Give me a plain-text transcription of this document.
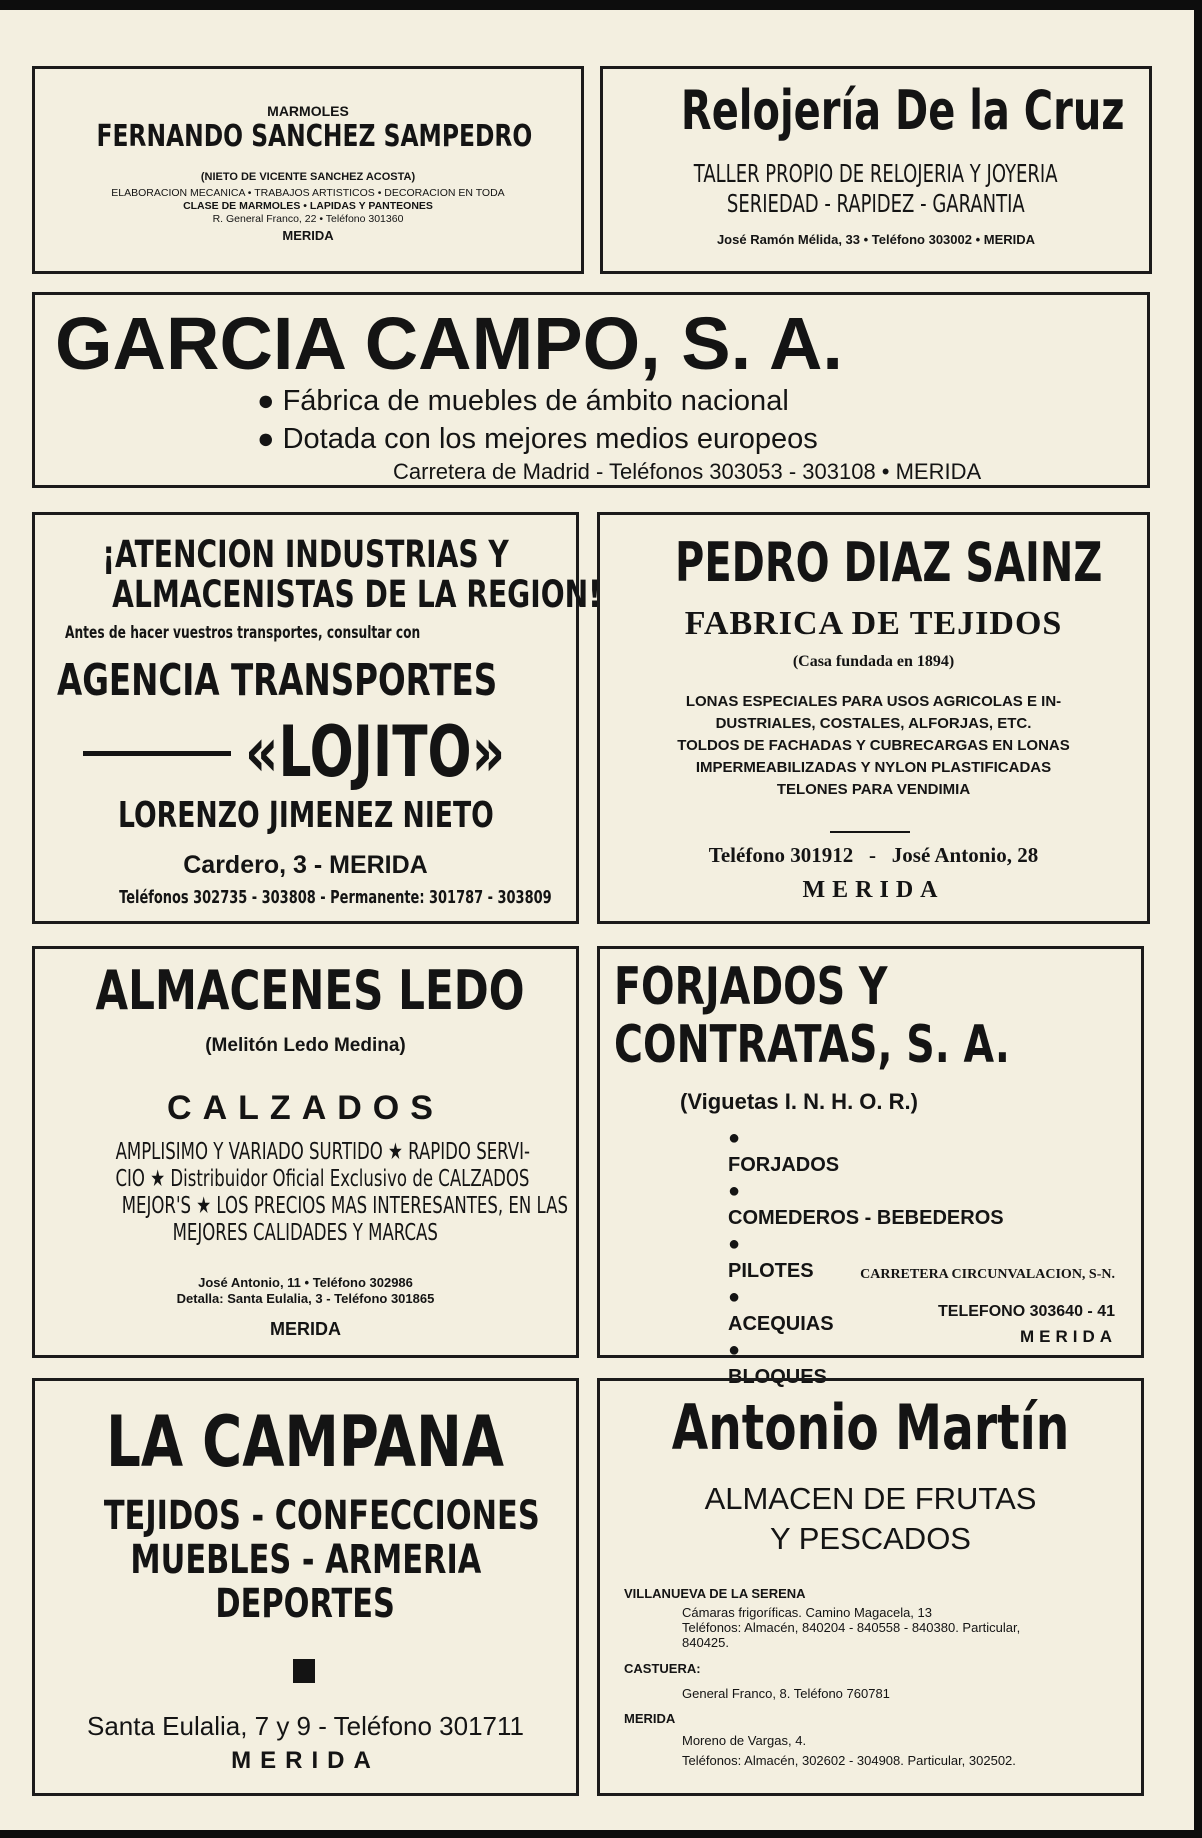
MARMOLES
FERNANDO SANCHEZ SAMPEDRO
(NIETO DE VICENTE SANCHEZ ACOSTA)
ELABORACION MECANICA • TRABAJOS ARTISTICOS • DECORACION EN TODA
CLASE DE MARMOLES • LAPIDAS Y PANTEONES
R. General Franco, 22 • Teléfono 301360
MERIDA
Relojería De la Cruz
TALLER PROPIO DE RELOJERIA Y JOYERIA
SERIEDAD - RAPIDEZ - GARANTIA
José Ramón Mélida, 33 • Teléfono 303002 • MERIDA
GARCIA CAMPO, S. A.
● Fábrica de muebles de ámbito nacional
● Dotada con los mejores medios europeos
Carretera de Madrid - Teléfonos 303053 - 303108 • MERIDA
¡ATENCION INDUSTRIAS Y
ALMACENISTAS DE LA REGION!
Antes de hacer vuestros transportes, consultar con
AGENCIA TRANSPORTES
«LOJITO»
LORENZO JIMENEZ NIETO
Cardero, 3 - MERIDA
Teléfonos 302735 - 303808 - Permanente: 301787 - 303809
PEDRO DIAZ SAINZ
FABRICA DE TEJIDOS
(Casa fundada en 1894)
LONAS ESPECIALES PARA USOS AGRICOLAS E IN-
DUSTRIALES, COSTALES, ALFORJAS, ETC.
TOLDOS DE FACHADAS Y CUBRECARGAS EN LONAS
IMPERMEABILIZADAS Y NYLON PLASTIFICADAS
TELONES PARA VENDIMIA
Teléfono 301912 - José Antonio, 28
MERIDA
ALMACENES LEDO
(Melitón Ledo Medina)
CALZADOS
AMPLISIMO Y VARIADO SURTIDO ★ RAPIDO SERVI-
CIO ★ Distribuidor Oficial Exclusivo de CALZADOS
MEJOR'S ★ LOS PRECIOS MAS INTERESANTES, EN LAS
MEJORES CALIDADES Y MARCAS
José Antonio, 11 • Teléfono 302986
Detalla: Santa Eulalia, 3 - Teléfono 301865
MERIDA
FORJADOS Y
CONTRATAS, S. A.
(Viguetas I. N. H. O. R.)
●
FORJADOS
●
COMEDEROS - BEBEDEROS
●
PILOTES
●
ACEQUIAS
●
BLOQUES
CARRETERA CIRCUNVALACION, S-N.
TELEFONO 303640 - 41
MERIDA
LA CAMPANA
TEJIDOS - CONFECCIONES
MUEBLES - ARMERIA
DEPORTES
Santa Eulalia, 7 y 9 - Teléfono 301711
MERIDA
Antonio Martín
ALMACEN DE FRUTAS
Y PESCADOS
VILLANUEVA DE LA SERENA
Cámaras frigoríficas. Camino Magacela, 13
Teléfonos: Almacén, 840204 - 840558 - 840380. Particular,
840425.
CASTUERA:
General Franco, 8. Teléfono 760781
MERIDA
Moreno de Vargas, 4.
Teléfonos: Almacén, 302602 - 304908. Particular, 302502.
